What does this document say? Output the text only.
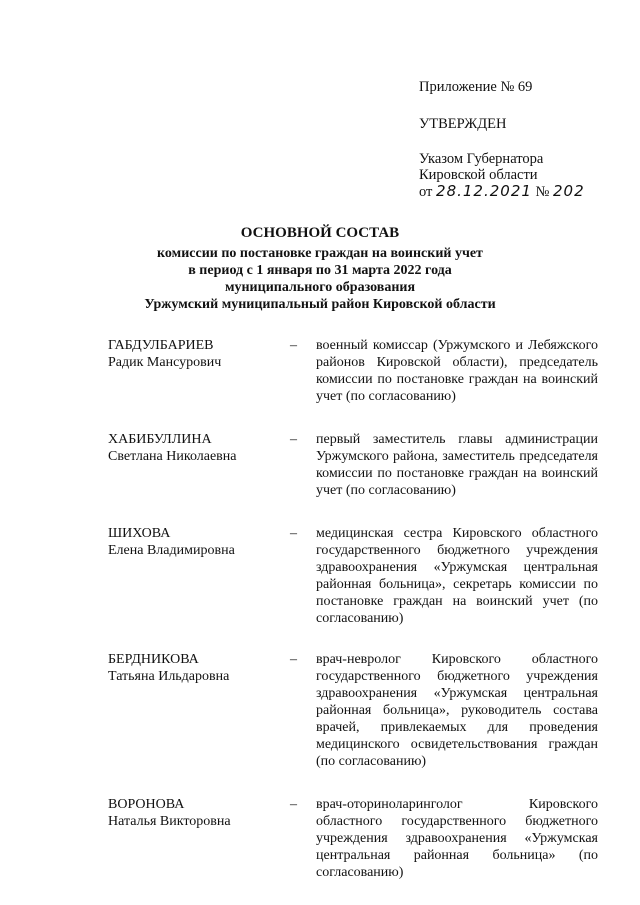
Приложение № 69
УТВЕРЖДЕН
Указом Губернатора
Кировской области
от 28.12.2021 № 202
ОСНОВНОЙ СОСТАВ
комиссии по постановке граждан на воинский учет
в период с 1 января по 31 марта 2022 года
муниципального образования
Уржумский муниципальный район Кировской области
ГАБДУЛБАРИЕВ
Радик Мансурович
–	военный комиссар (Уржумского и Лебяжского районов Кировской области), председатель комиссии по постановке граждан на воинский учет (по согласованию)
ХАБИБУЛЛИНА
Светлана Николаевна
–	первый заместитель главы администрации Уржумского района, заместитель председателя комиссии по постановке граждан на воинский учет (по согласованию)
ШИХОВА
Елена Владимировна
–	медицинская сестра Кировского областного государственного бюджетного учреждения здравоохранения «Уржумская центральная районная больница», секретарь комиссии по постановке граждан на воинский учет (по согласованию)
БЕРДНИКОВА
Татьяна Ильдаровна
–	врач-невролог Кировского областного государственного бюджетного учреждения здравоохранения «Уржумская центральная районная больница», руководитель состава врачей, привлекаемых для проведения медицинского освидетельствования граждан (по согласованию)
ВОРОНОВА
Наталья Викторовна
–	врач-оториноларинголог Кировского областного государственного бюджетного учреждения здравоохранения «Уржумская центральная районная больница» (по согласованию)
